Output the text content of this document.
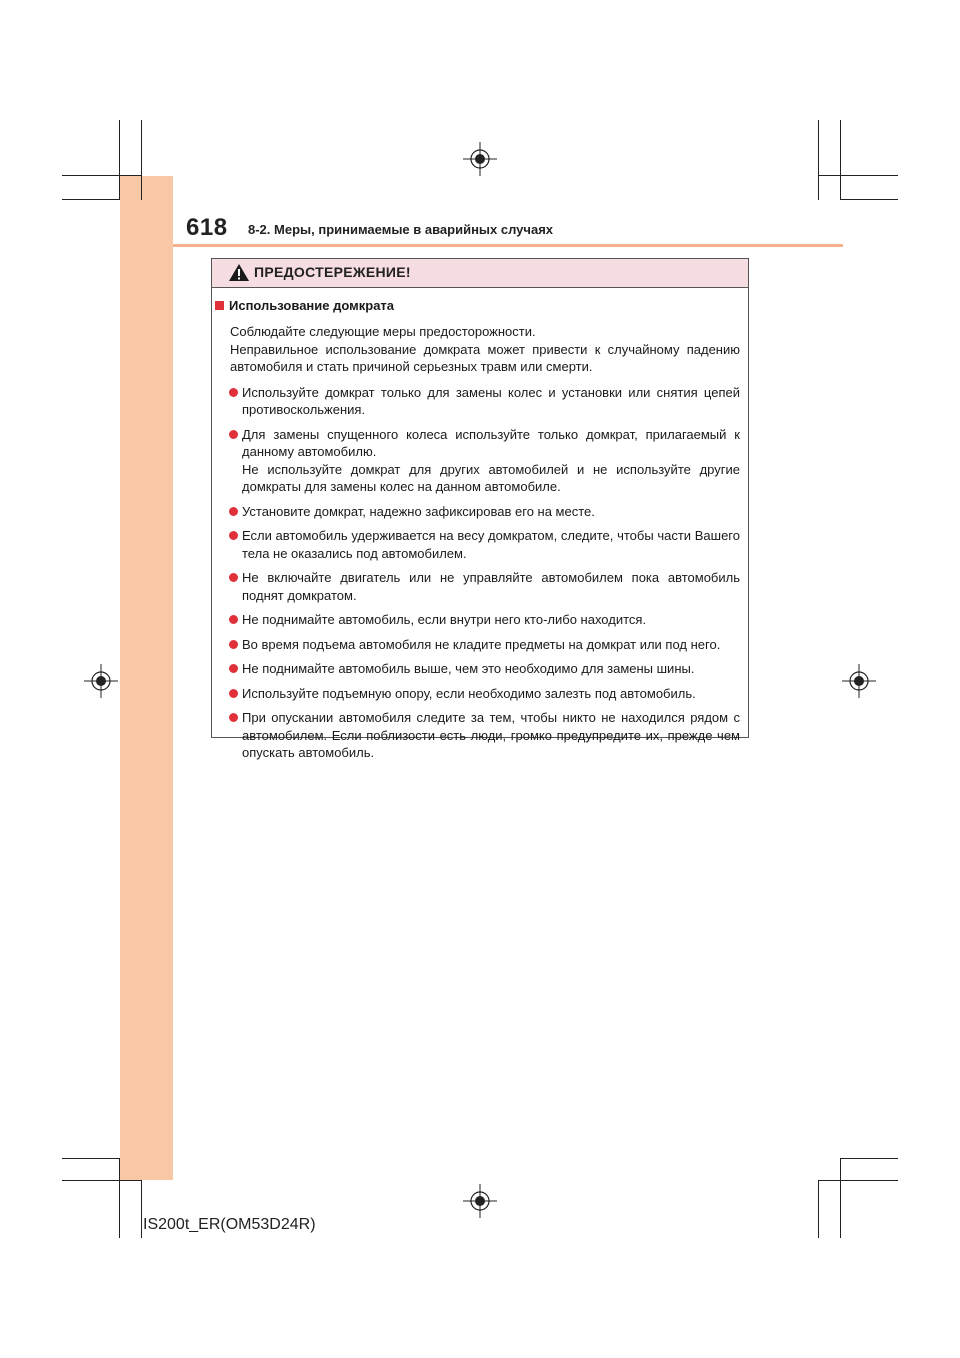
618 8-2. Меры, принимаемые в аварийных случаях
ПРЕДОСТЕРЕЖЕНИЕ!
Использование домкрата
Соблюдайте следующие меры предосторожности.
Неправильное использование домкрата может привести к случайному падению автомобиля и стать причиной серьезных травм или смерти.
Используйте домкрат только для замены колес и установки или снятия цепей противоскольжения.
Для замены спущенного колеса используйте только домкрат, прилагаемый к данному автомобилю.
Не используйте домкрат для других автомобилей и не используйте другие домкраты для замены колес на данном автомобиле.
Установите домкрат, надежно зафиксировав его на месте.
Если автомобиль удерживается на весу домкратом, следите, чтобы части Вашего тела не оказались под автомобилем.
Не включайте двигатель или не управляйте автомобилем пока автомобиль поднят домкратом.
Не поднимайте автомобиль, если внутри него кто-либо находится.
Во время подъема автомобиля не кладите предметы на домкрат или под него.
Не поднимайте автомобиль выше, чем это необходимо для замены шины.
Используйте подъемную опору, если необходимо залезть под автомобиль.
При опускании автомобиля следите за тем, чтобы никто не находился рядом с автомобилем. Если поблизости есть люди, громко предупредите их, прежде чем опускать автомобиль.
IS200t_ER(OM53D24R)
